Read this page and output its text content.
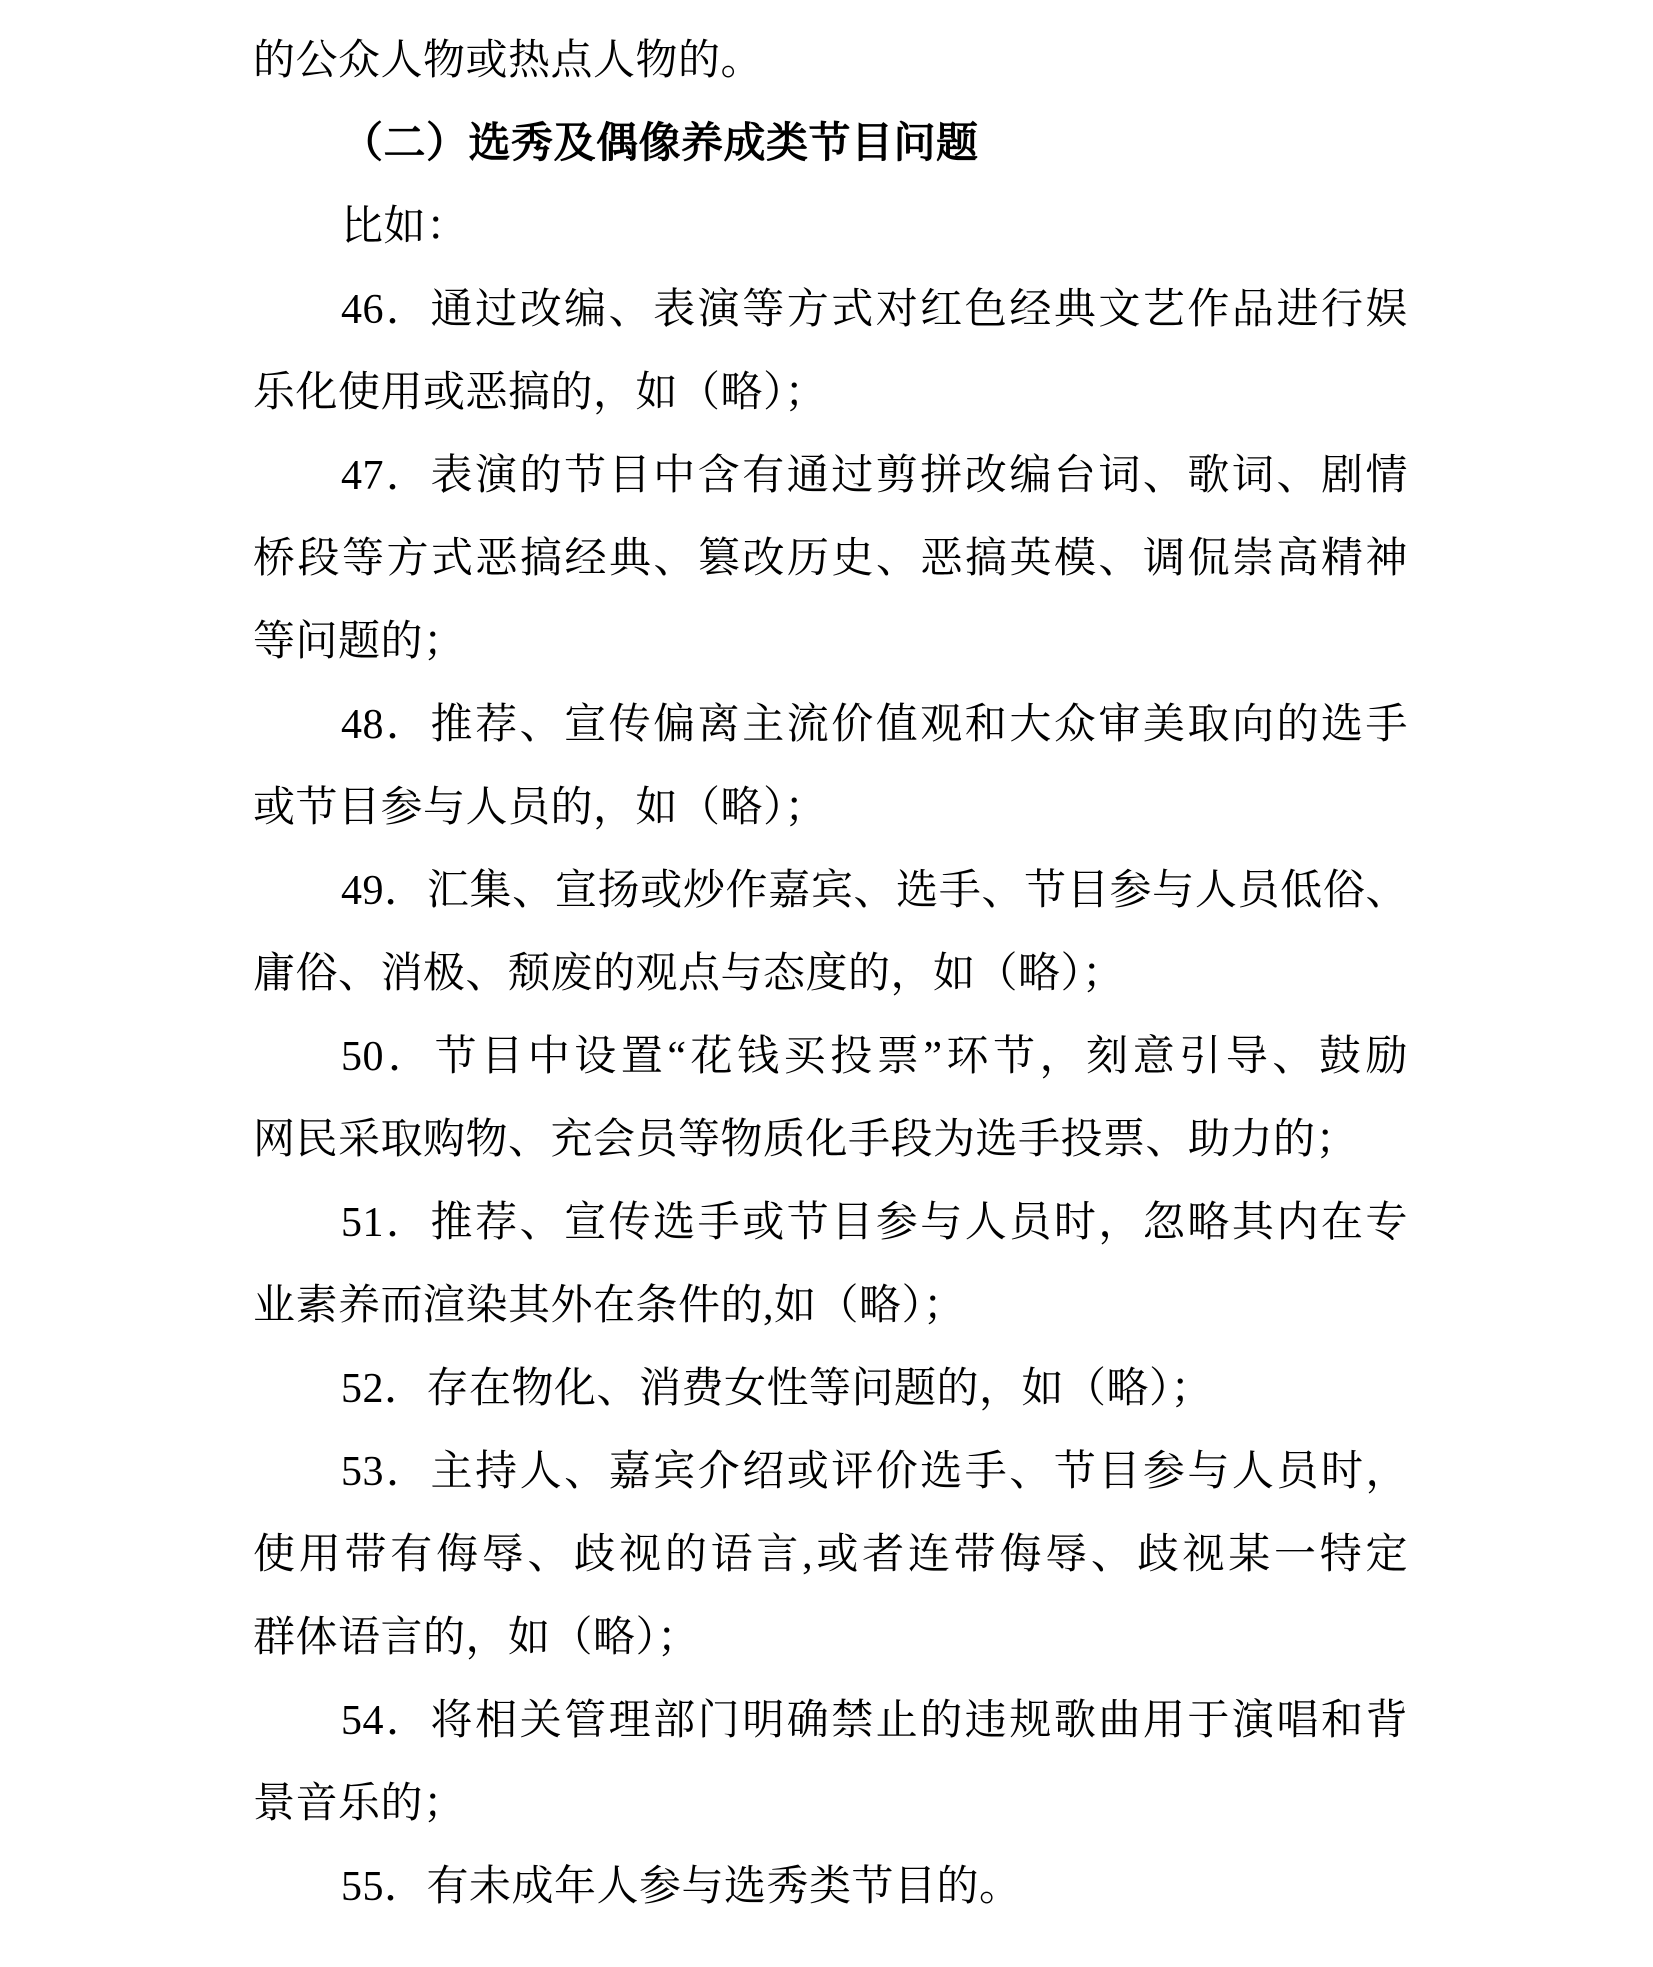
的公众人物或热点人物的。
（二）选秀及偶像养成类节目问题
比如：
46．通过改编、表演等方式对红色经典文艺作品进行娱
乐化使用或恶搞的，如（略）；
47．表演的节目中含有通过剪拼改编台词、歌词、剧情
桥段等方式恶搞经典、篡改历史、恶搞英模、调侃崇高精神
等问题的；
48．推荐、宣传偏离主流价值观和大众审美取向的选手
或节目参与人员的，如（略）；
49．汇集、宣扬或炒作嘉宾、选手、节目参与人员低俗、
庸俗、消极、颓废的观点与态度的，如（略）；
50．节目中设置“花钱买投票”环节，刻意引导、鼓励
网民采取购物、充会员等物质化手段为选手投票、助力的；
51．推荐、宣传选手或节目参与人员时，忽略其内在专
业素养而渲染其外在条件的,如（略）；
52．存在物化、消费女性等问题的，如（略）；
53．主持人、嘉宾介绍或评价选手、节目参与人员时，
使用带有侮辱、歧视的语言,或者连带侮辱、歧视某一特定
群体语言的，如（略）；
54．将相关管理部门明确禁止的违规歌曲用于演唱和背
景音乐的；
55．有未成年人参与选秀类节目的。
